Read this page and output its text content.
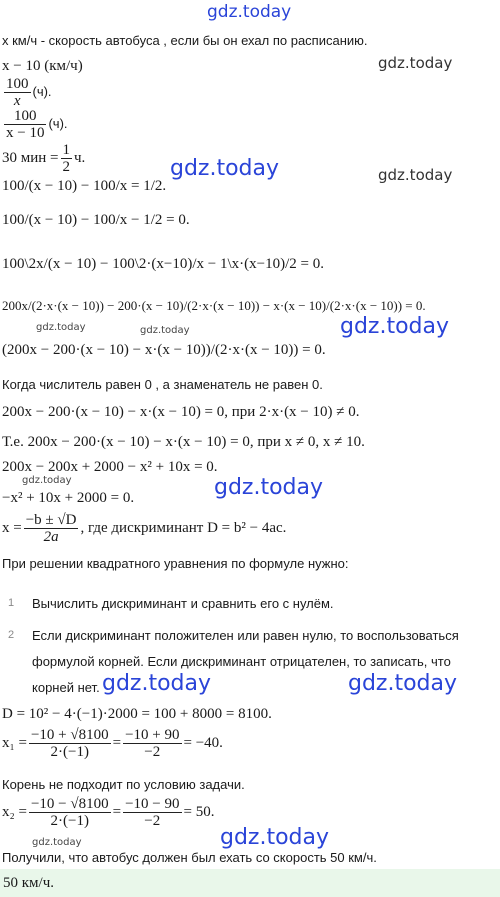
gdz.today
x км/ч - скорость автобуса , если бы он ехал по расписанию.
gdz.today
x − 10 (км/ч)
$\frac{100}{x} (ч)$.
$\frac{100}{x - 10} (ч)$.
30 мин = $\frac{1}{2} ч$.	gdz.today	gdz.today
100/(x − 10) − 100/x = 1/2.
100/(x − 10) − 100/x − 1/2 = 0.
100\2x/(x − 10) − 100\2·(x−10)/x − 1\x·(x−10)/2 = 0.
200x/(2·x·(x − 10)) − 200·(x − 10)/(2·x·(x − 10)) − x·(x − 10)/(2·x·(x − 10)) = 0.
gdz.today	gdz.today	gdz.today
(200x − 200·(x − 10) − x·(x − 10))/(2·x·(x − 10)) = 0.
Когда числитель равен 0 , а знаменатель не равен 0.
200x − 200·(x − 10) − x·(x − 10) = 0, при 2·x·(x − 10) ≠ 0.
Т.е. 200x − 200·(x − 10) − x·(x − 10) = 0, при x ≠ 0, x ≠ 10.
200x − 200x + 2000 − x² + 10x = 0.
gdz.today	gdz.today
−x² + 10x + 2000 = 0.
$x = \frac{-b \pm √D}{2a}$ , где дискриминант D = b² − 4ac.
При решении квадратного уравнения по формуле нужно:
1 Вычислить дискриминант и сравнить его с нулём.
2 Если дискриминант положителен или равен нулю, то воспользоваться
формулой корней. Если дискриминант отрицателен, то записать, что
корней нет. gdz.today	gdz.today
D = 10² − 4·(−1)·2000 = 100 + 8000 = 8100.
$x_1 = \frac{-10 + √8100}{2\cdot(-1)} = \frac{-10 + 90}{-2} = -40$.
Корень не подходит по условию задачи.
$x_2 = \frac{-10 - √8100}{2\cdot(-1)} = \frac{-10 - 90}{-2} = 50$.
gdz.today
Получили, что автобус должен был ехать со скорость 50 км/ч.
gdz.today
50 км/ч.
